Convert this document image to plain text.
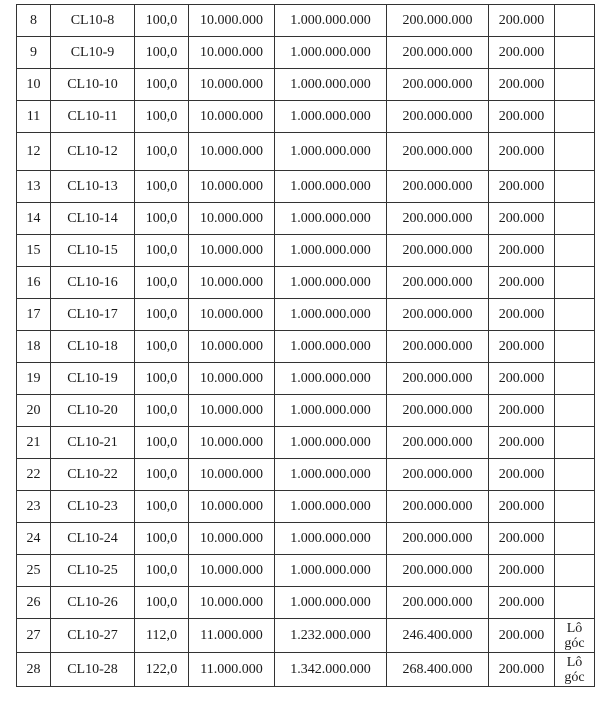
8	CL10-8	100,0	10.000.000	1.000.000.000	200.000.000	200.000	
9	CL10-9	100,0	10.000.000	1.000.000.000	200.000.000	200.000	
10	CL10-10	100,0	10.000.000	1.000.000.000	200.000.000	200.000	
11	CL10-11	100,0	10.000.000	1.000.000.000	200.000.000	200.000	
12	CL10-12	100,0	10.000.000	1.000.000.000	200.000.000	200.000	
13	CL10-13	100,0	10.000.000	1.000.000.000	200.000.000	200.000	
14	CL10-14	100,0	10.000.000	1.000.000.000	200.000.000	200.000	
15	CL10-15	100,0	10.000.000	1.000.000.000	200.000.000	200.000	
16	CL10-16	100,0	10.000.000	1.000.000.000	200.000.000	200.000	
17	CL10-17	100,0	10.000.000	1.000.000.000	200.000.000	200.000	
18	CL10-18	100,0	10.000.000	1.000.000.000	200.000.000	200.000	
19	CL10-19	100,0	10.000.000	1.000.000.000	200.000.000	200.000	
20	CL10-20	100,0	10.000.000	1.000.000.000	200.000.000	200.000	
21	CL10-21	100,0	10.000.000	1.000.000.000	200.000.000	200.000	
22	CL10-22	100,0	10.000.000	1.000.000.000	200.000.000	200.000	
23	CL10-23	100,0	10.000.000	1.000.000.000	200.000.000	200.000	
24	CL10-24	100,0	10.000.000	1.000.000.000	200.000.000	200.000	
25	CL10-25	100,0	10.000.000	1.000.000.000	200.000.000	200.000	
26	CL10-26	100,0	10.000.000	1.000.000.000	200.000.000	200.000	
27	CL10-27	112,0	11.000.000	1.232.000.000	246.400.000	200.000	Lô góc
28	CL10-28	122,0	11.000.000	1.342.000.000	268.400.000	200.000	Lô góc
